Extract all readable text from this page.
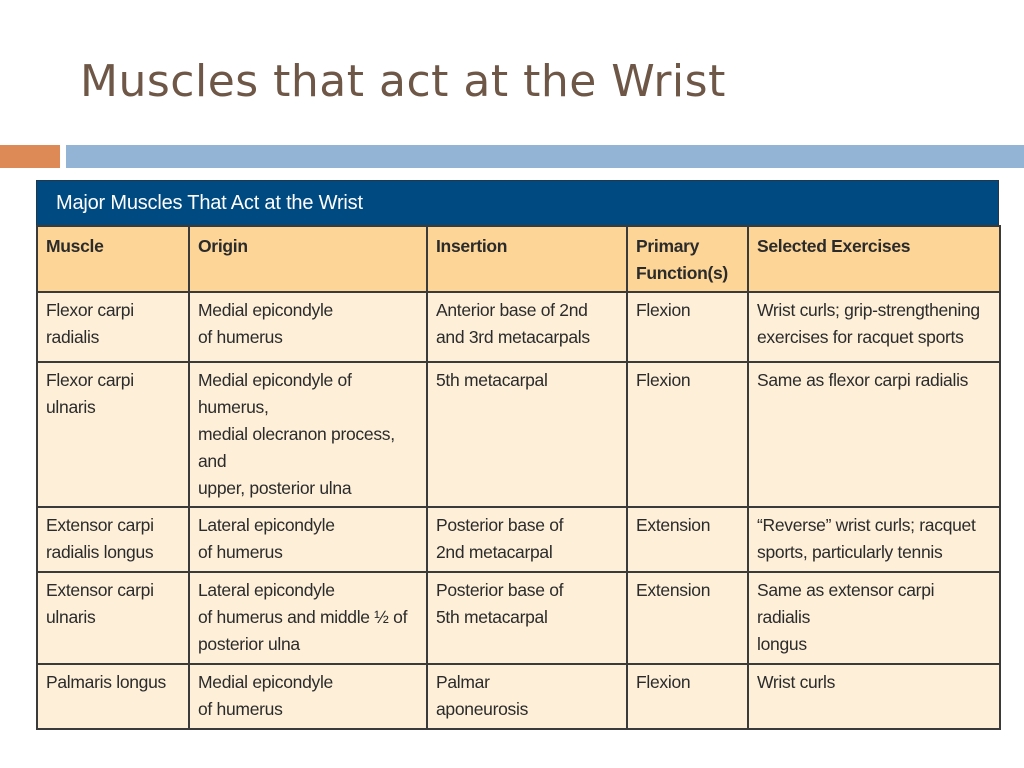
Muscles that act at the Wrist
Major Muscles That Act at the Wrist
Muscle	Origin	Insertion	Primary
Function(s)	Selected Exercises

Flexor carpi
radialis	Medial epicondyle
of humerus	Anterior base of 2nd
and 3rd metacarpals	Flexion	Wrist curls; grip-strengthening
exercises for racquet sports

Flexor carpi
ulnaris	Medial epicondyle of humerus,
medial olecranon process, and
upper, posterior ulna	5th metacarpal	Flexion	Same as flexor carpi radialis

Extensor carpi
radialis longus	Lateral epicondyle
of humerus	Posterior base of
2nd metacarpal	Extension	“Reverse” wrist curls; racquet
sports, particularly tennis

Extensor carpi
ulnaris	Lateral epicondyle
of humerus and middle ½ of
posterior ulna	Posterior base of
5th metacarpal	Extension	Same as extensor carpi radialis
longus

Palmaris longus	Medial epicondyle
of humerus	Palmar
aponeurosis	Flexion	Wrist curls
